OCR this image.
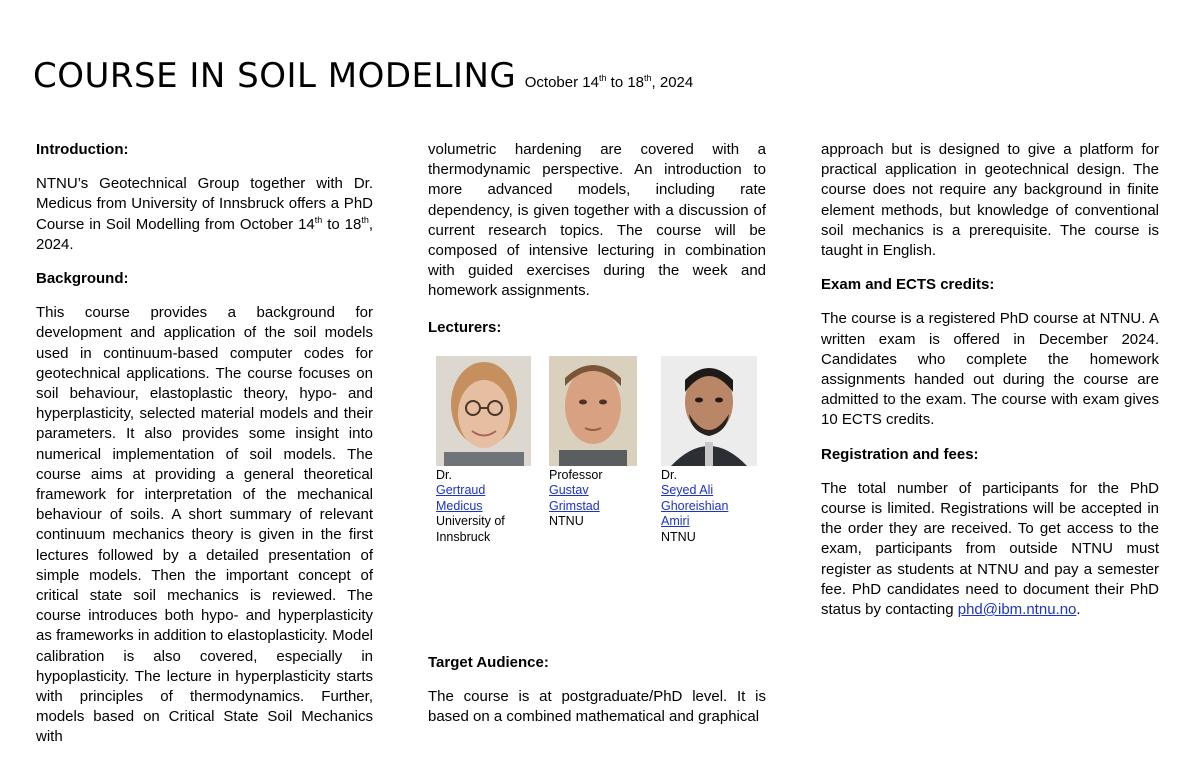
COURSE IN SOIL MODELING October 14th to 18th, 2024

Introduction:

NTNU’s Geotechnical Group together with Dr. Medicus from University of Innsbruck offers a PhD Course in Soil Modelling from October 14th to 18th, 2024.

Background:

This course provides a background for development and application of the soil models used in continuum-based computer codes for geotechnical applications. The course focuses on soil behaviour, elastoplastic theory, hypo- and hyperplasticity, selected material models and their parameters. It also provides some insight into numerical implementation of soil models. The course aims at providing a general theoretical framework for interpretation of the mechanical behaviour of soils. A short summary of relevant continuum mechanics theory is given in the first lectures followed by a detailed presentation of simple models. Then the important concept of critical state soil mechanics is reviewed. The course introduces both hypo- and hyperplasticity as frameworks in addition to elastoplasticity. Model calibration is also covered, especially in hypoplasticity. The lecture in hyperplasticity starts with principles of thermodynamics. Further, models based on Critical State Soil Mechanics with

volumetric hardening are covered with a thermodynamic perspective. An introduction to more advanced models, including rate dependency, is given together with a discussion of current research topics. The course will be composed of intensive lecturing in combination with guided exercises during the week and homework assignments.

Lecturers:

Dr.
Gertraud
Medicus
University of
Innsbruck
Professor
Gustav
Grimstad
NTNU
Dr.
Seyed Ali
Ghoreishian
Amiri
NTNU

Target Audience:

The course is at postgraduate/PhD level. It is based on a combined mathematical and graphical

approach but is designed to give a platform for practical application in geotechnical design. The course does not require any background in finite element methods, but knowledge of conventional soil mechanics is a prerequisite. The course is taught in English.

Exam and ECTS credits:

The course is a registered PhD course at NTNU. A written exam is offered in December 2024. Candidates who complete the homework assignments handed out during the course are admitted to the exam. The course with exam gives 10 ECTS credits.

Registration and fees:

The total number of participants for the PhD course is limited. Registrations will be accepted in the order they are received. To get access to the exam, participants from outside NTNU must register as students at NTNU and pay a semester fee. PhD candidates need to document their PhD status by contacting phd@ibm.ntnu.no.
